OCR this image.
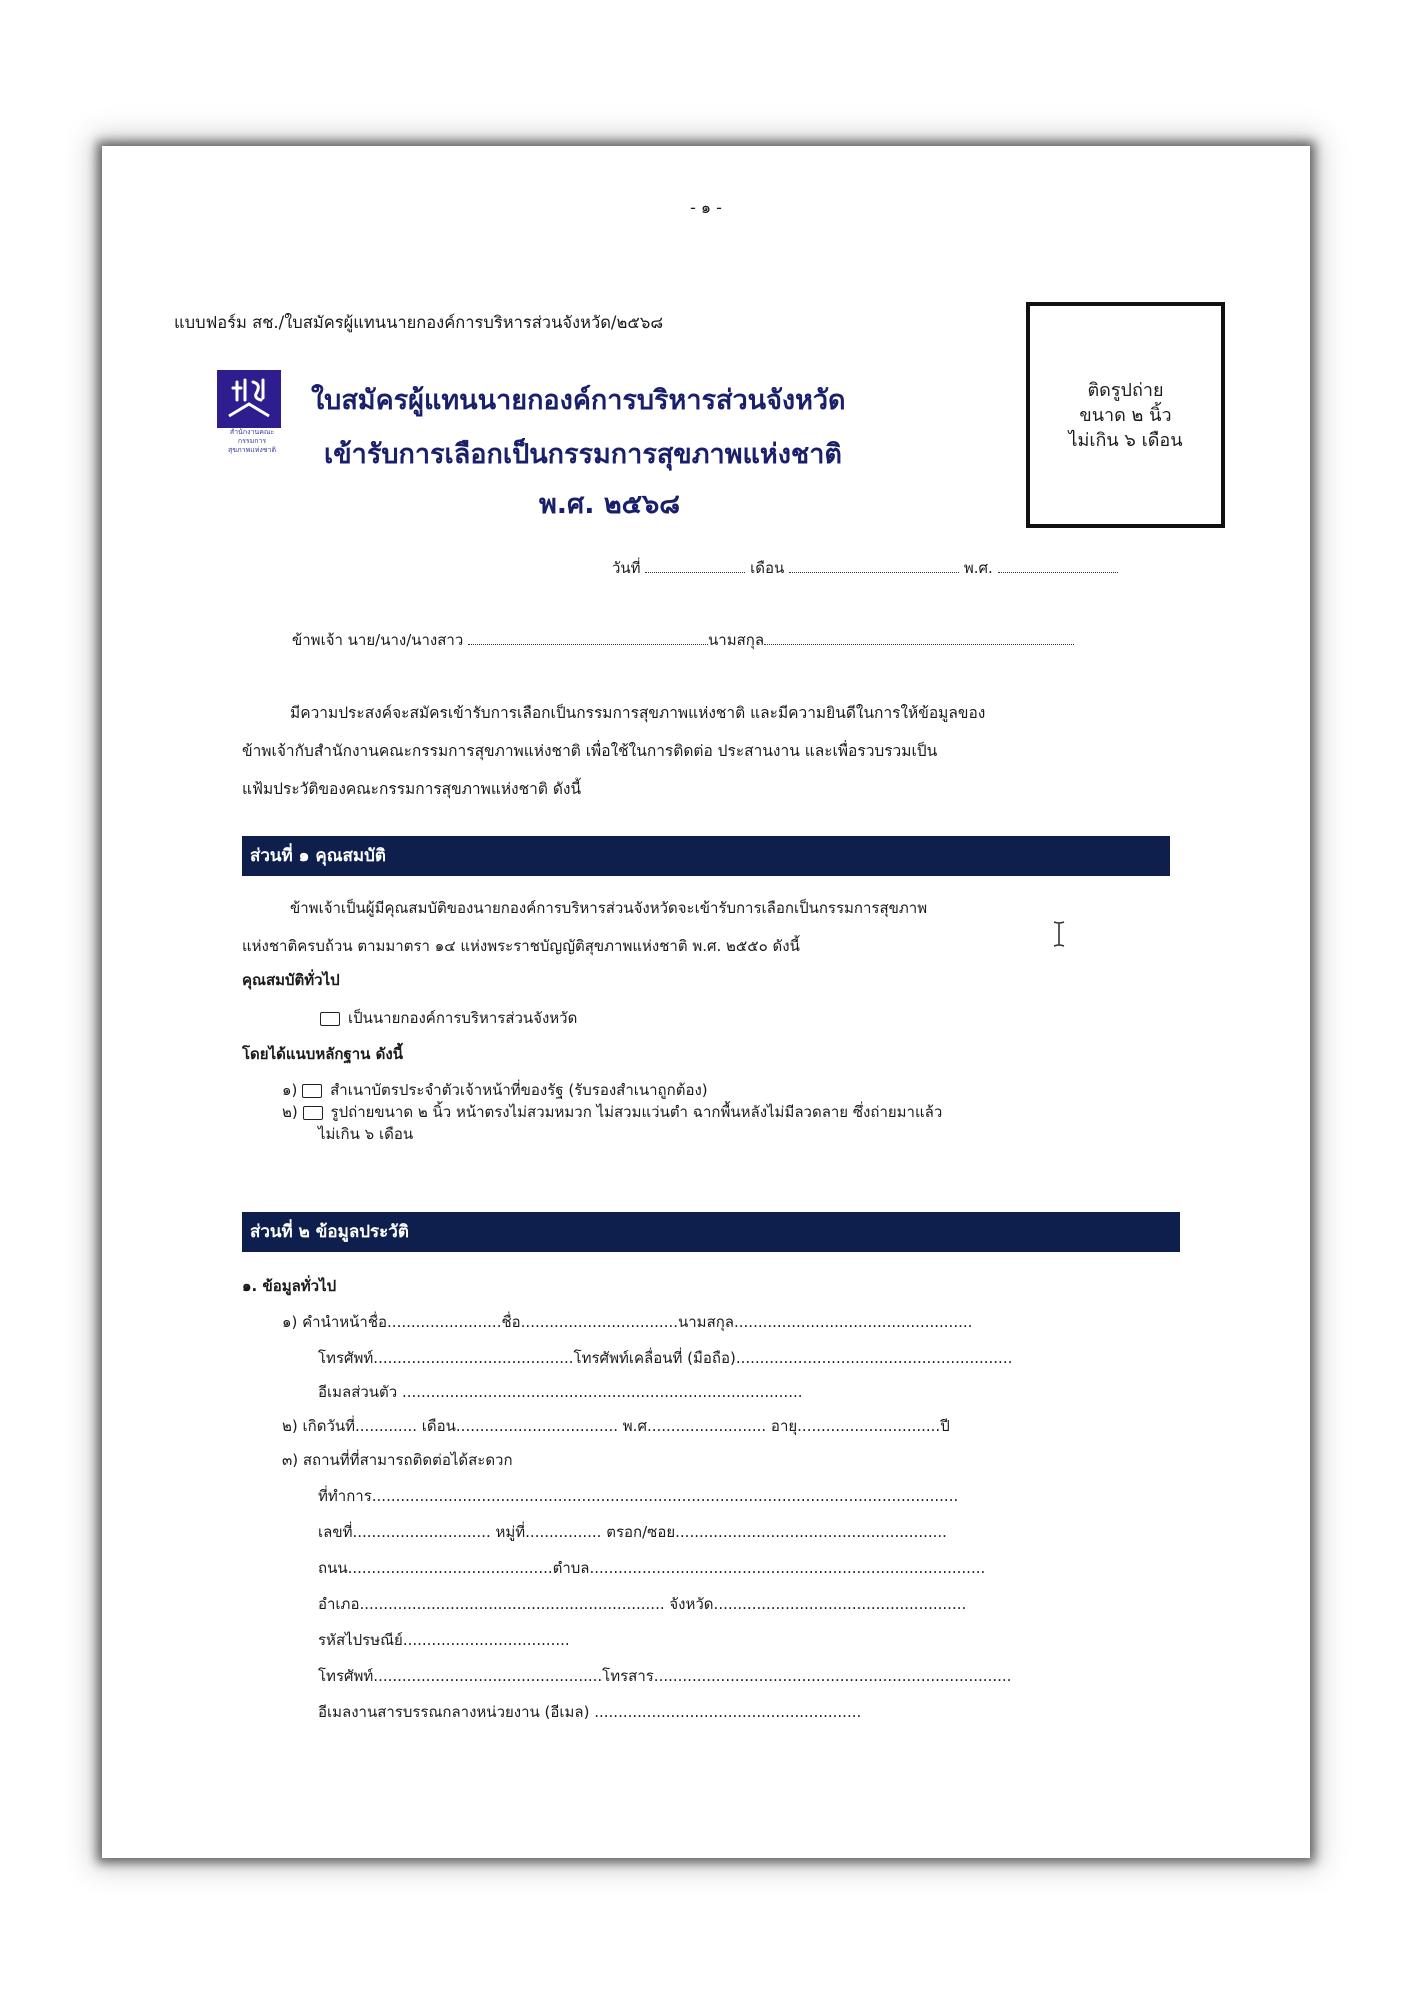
- ๑ -
แบบฟอร์ม สช./ใบสมัครผู้แทนนายกองค์การบริหารส่วนจังหวัด/๒๕๖๘
ติดรูปถ่าย
ขนาด ๒ นิ้ว
ไม่เกิน ๖ เดือน
สำนักงานคณะกรรมการ
สุขภาพแห่งชาติ
ใบสมัครผู้แทนนายกองค์การบริหารส่วนจังหวัด
เข้ารับการเลือกเป็นกรรมการสุขภาพแห่งชาติ
พ.ศ. ๒๕๖๘
วันที่	เดือน	พ.ศ.
ข้าพเจ้า นาย/นาง/นางสาว	นามสกุล
มีความประสงค์จะสมัครเข้ารับการเลือกเป็นกรรมการสุขภาพแห่งชาติ และมีความยินดีในการให้ข้อมูลของ
ข้าพเจ้ากับสำนักงานคณะกรรมการสุขภาพแห่งชาติ เพื่อใช้ในการติดต่อ ประสานงาน และเพื่อรวบรวมเป็น
แฟ้มประวัติของคณะกรรมการสุขภาพแห่งชาติ ดังนี้
ส่วนที่ ๑ คุณสมบัติ
ข้าพเจ้าเป็นผู้มีคุณสมบัติของนายกองค์การบริหารส่วนจังหวัดจะเข้ารับการเลือกเป็นกรรมการสุขภาพ
แห่งชาติครบถ้วน ตามมาตรา ๑๔ แห่งพระราชบัญญัติสุขภาพแห่งชาติ พ.ศ. ๒๕๕๐ ดังนี้
คุณสมบัติทั่วไป
เป็นนายกองค์การบริหารส่วนจังหวัด
โดยได้แนบหลักฐาน ดังนี้
๑) สำเนาบัตรประจำตัวเจ้าหน้าที่ของรัฐ (รับรองสำเนาถูกต้อง)
๒) รูปถ่ายขนาด ๒ นิ้ว หน้าตรงไม่สวมหมวก ไม่สวมแว่นตำ ฉากพื้นหลังไม่มีลวดลาย ซึ่งถ่ายมาแล้ว
ไม่เกิน ๖ เดือน
ส่วนที่ ๒ ข้อมูลประวัติ
๑. ข้อมูลทั่วไป
๑) คำนำหน้าชื่อ........................ชื่อ.................................นามสกุล..................................................
โทรศัพท์..........................................โทรศัพท์เคลื่อนที่ (มือถือ)..........................................................
อีเมลส่วนตัว ....................................................................................
๒) เกิดวันที่............. เดือน.................................. พ.ศ......................... อายุ..............................ปี
๓) สถานที่ที่สามารถติดต่อได้สะดวก
ที่ทำการ...........................................................................................................................
เลขที่............................. หมู่ที่................ ตรอก/ซอย.........................................................
ถนน...........................................ตำบล...................................................................................
อำเภอ................................................................ จังหวัด.....................................................
รหัสไปรษณีย์...................................
โทรศัพท์................................................โทรสาร...........................................................................
อีเมลงานสารบรรณกลางหน่วยงาน (อีเมล) ........................................................
